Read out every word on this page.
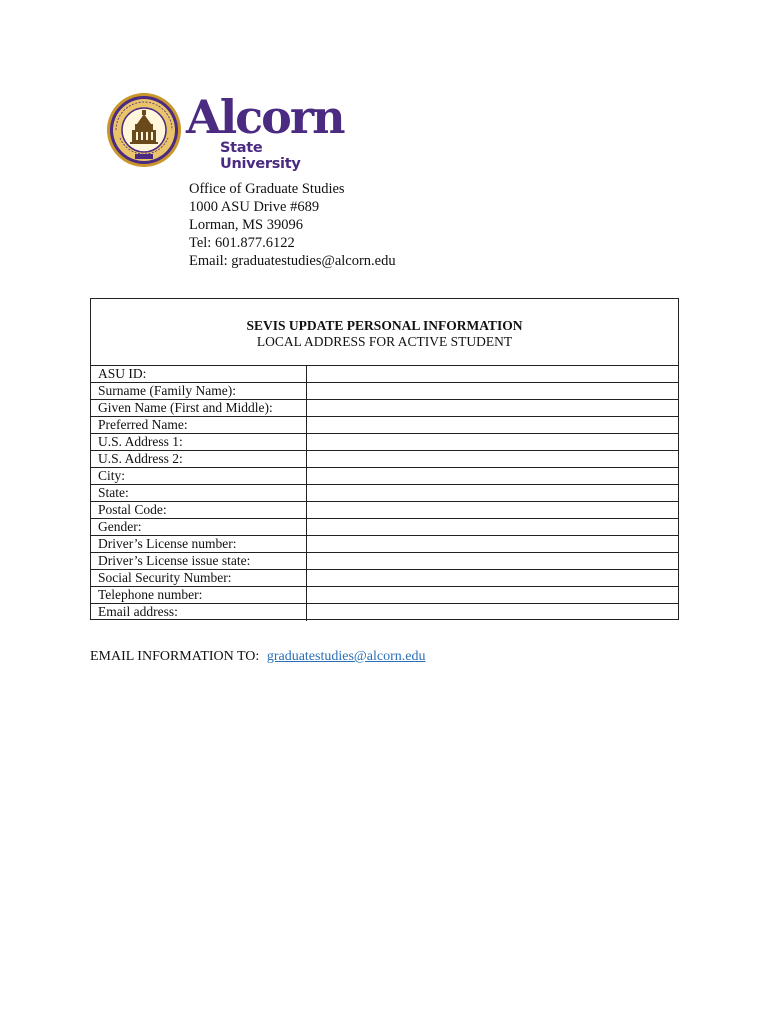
Alcorn
State University
Office of Graduate Studies
1000 ASU Drive #689
Lorman, MS 39096
Tel: 601.877.6122
Email: graduatestudies@alcorn.edu
SEVIS UPDATE PERSONAL INFORMATION
LOCAL ADDRESS FOR ACTIVE STUDENT
ASU ID:
Surname (Family Name):
Given Name (First and Middle):
Preferred Name:
U.S. Address 1:
U.S. Address 2:
City:
State:
Postal Code:
Gender:
Driver’s License number:
Driver’s License issue state:
Social Security Number:
Telephone number:
Email address:
EMAIL INFORMATION TO: graduatestudies@alcorn.edu
